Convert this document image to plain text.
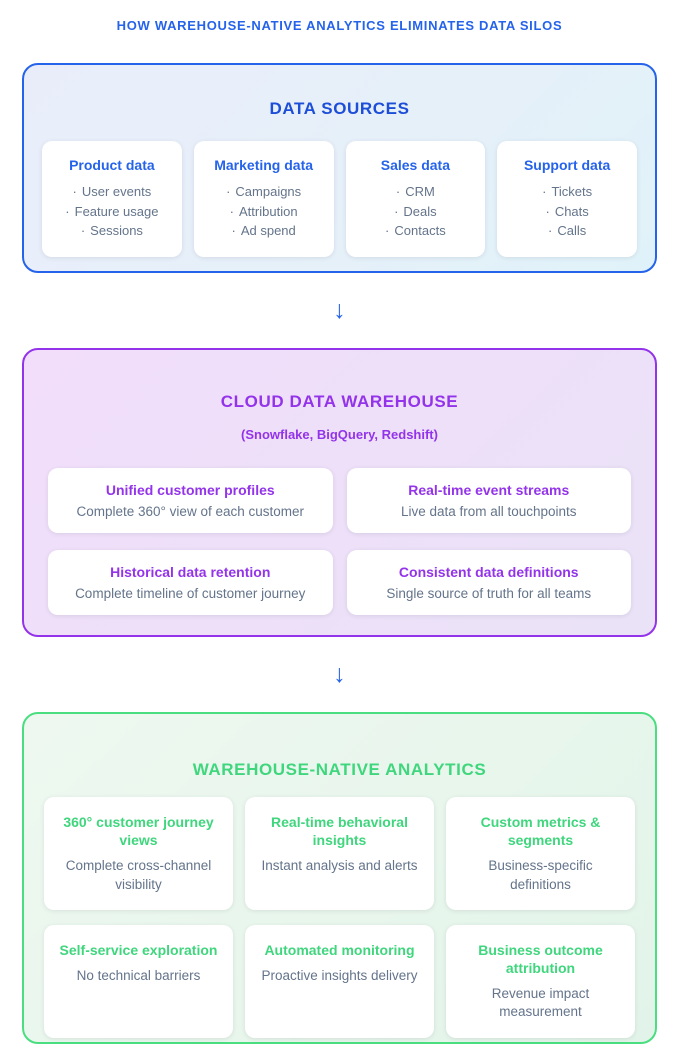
HOW WAREHOUSE-NATIVE ANALYTICS ELIMINATES DATA SILOS
DATA SOURCES
Product data
· User events
· Feature usage
· Sessions
Marketing data
· Campaigns
· Attribution
· Ad spend
Sales data
· CRM
· Deals
· Contacts
Support data
· Tickets
· Chats
· Calls
↓
CLOUD DATA WAREHOUSE
(Snowflake, BigQuery, Redshift)
Unified customer profiles
Complete 360° view of each customer
Real-time event streams
Live data from all touchpoints
Historical data retention
Complete timeline of customer journey
Consistent data definitions
Single source of truth for all teams
↓
WAREHOUSE-NATIVE ANALYTICS
360° customer journey views
Complete cross-channel visibility
Real-time behavioral insights
Instant analysis and alerts
Custom metrics & segments
Business-specific definitions
Self-service exploration
No technical barriers
Automated monitoring
Proactive insights delivery
Business outcome attribution
Revenue impact measurement
